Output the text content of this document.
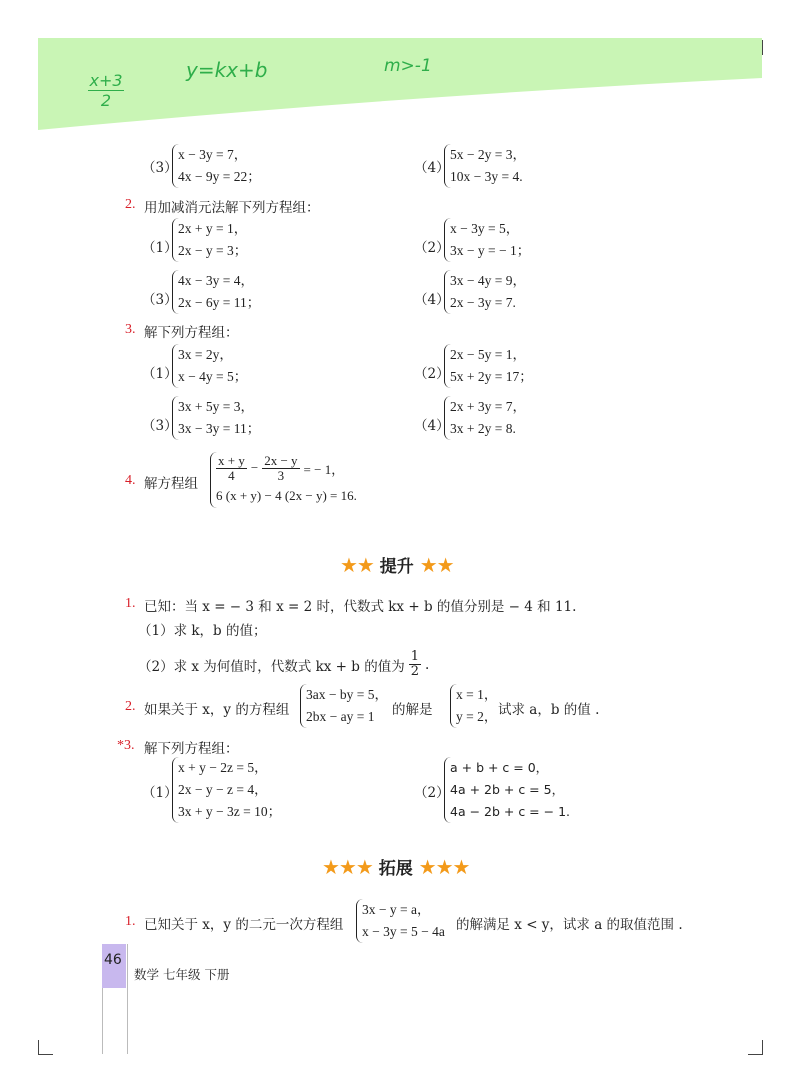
x+3
2
y=kx+b	m>-1
（3）
x − 3y = 7，
4x − 9y = 22；
（4）
5x − 2y = 3，
10x − 3y = 4.
2. 用加减消元法解下列方程组：
（1）
2x + y = 1，
2x − y = 3；	（2）
x − 3y = 5，
3x − y = − 1；
（3）
4x − 3y = 4，
2x − 6y = 11；	（4）
3x − 4y = 9，
2x − 3y = 7.
3. 解下列方程组：
（1）
3x = 2y，
x − 4y = 5；	（2）
2x − 5y = 1，
5x + 2y = 17；
（3）
3x + 5y = 3，
3x − 3y = 11；	（4）
2x + 3y = 7，
3x + 2y = 8.
4. 解方程组
$\frac{x + y}{4} - \frac{2x - y}{3}$ = − 1，
6 (x + y) − 4 (2x − y) = 16.
★★ 提升 ★★
1. 已知：当 x = − 3 和 x = 2 时，代数式 kx + b 的值分别是 − 4 和 11.
（1）求 k，b 的值；
（2）求 x 为何值时，代数式 kx + b 的值为 $\frac{1}{2}$ .
2. 如果关于 x，y 的方程组
3ax − by = 5，
2bx − ay = 1	的解是
x = 1，
y = 2， 试求 a，b 的值 .
*3. 解下列方程组：
（1）
x + y − 2z = 5，
2x − y − z = 4，
3x + y − 3z = 10；
（2）
a + b + c = 0，
4a + 2b + c = 5，
4a − 2b + c = − 1.
★★★ 拓展 ★★★
1. 已知关于 x，y 的二元一次方程组
3x − y = a，
x − 3y = 5 − 4a 的解满足 x < y，试求 a 的取值范围 .
46
数学 七年级 下册
